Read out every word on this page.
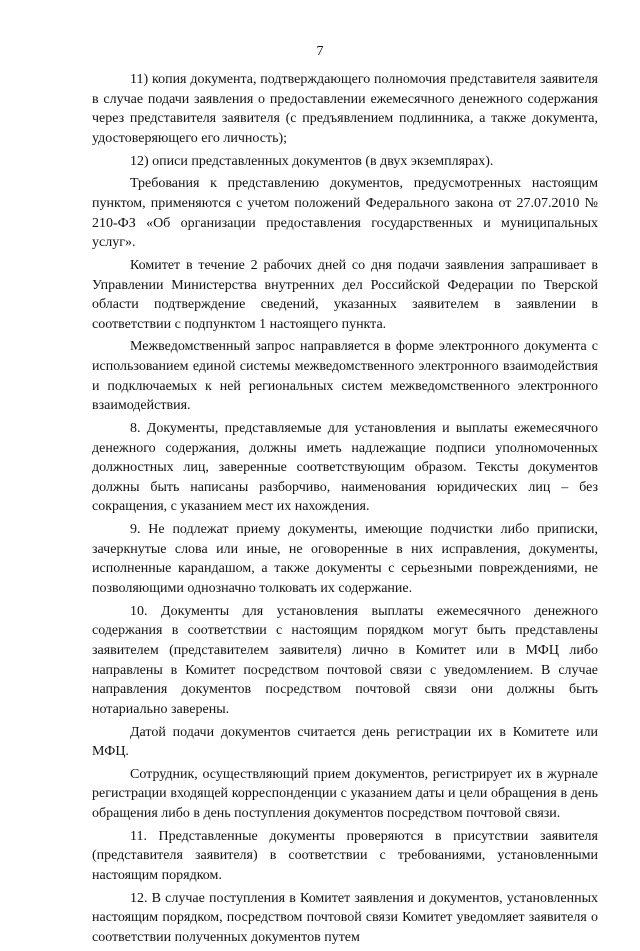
7

11) копия документа, подтверждающего полномочия представителя заявителя в случае подачи заявления о предоставлении ежемесячного денежного содержания через представителя заявителя (с предъявлением подлинника, а также документа, удостоверяющего его личность);

12) описи представленных документов (в двух экземплярах).

Требования к представлению документов, предусмотренных настоящим пунктом, применяются с учетом положений Федерального закона от 27.07.2010 № 210-ФЗ «Об организации предоставления государственных и муниципальных услуг».

Комитет в течение 2 рабочих дней со дня подачи заявления запрашивает в Управлении Министерства внутренних дел Российской Федерации по Тверской области подтверждение сведений, указанных заявителем в заявлении в соответствии с подпунктом 1 настоящего пункта.

Межведомственный запрос направляется в форме электронного документа с использованием единой системы межведомственного электронного взаимодействия и подключаемых к ней региональных систем межведомственного электронного взаимодействия.

8. Документы, представляемые для установления и выплаты ежемесячного денежного содержания, должны иметь надлежащие подписи уполномоченных должностных лиц, заверенные соответствующим образом. Тексты документов должны быть написаны разборчиво, наименования юридических лиц – без сокращения, с указанием мест их нахождения.

9. Не подлежат приему документы, имеющие подчистки либо приписки, зачеркнутые слова или иные, не оговоренные в них исправления, документы, исполненные карандашом, а также документы с серьезными повреждениями, не позволяющими однозначно толковать их содержание.

10. Документы для установления выплаты ежемесячного денежного содержания в соответствии с настоящим порядком могут быть представлены заявителем (представителем заявителя) лично в Комитет или в МФЦ либо направлены в Комитет посредством почтовой связи с уведомлением. В случае направления документов посредством почтовой связи они должны быть нотариально заверены.

Датой подачи документов считается день регистрации их в Комитете или МФЦ.

Сотрудник, осуществляющий прием документов, регистрирует их в журнале регистрации входящей корреспонденции с указанием даты и цели обращения в день обращения либо в день поступления документов посредством почтовой связи.

11. Представленные документы проверяются в присутствии заявителя (представителя заявителя) в соответствии с требованиями, установленными настоящим порядком.

12. В случае поступления в Комитет заявления и документов, установленных настоящим порядком, посредством почтовой связи Комитет уведомляет заявителя о соответствии полученных документов путем
